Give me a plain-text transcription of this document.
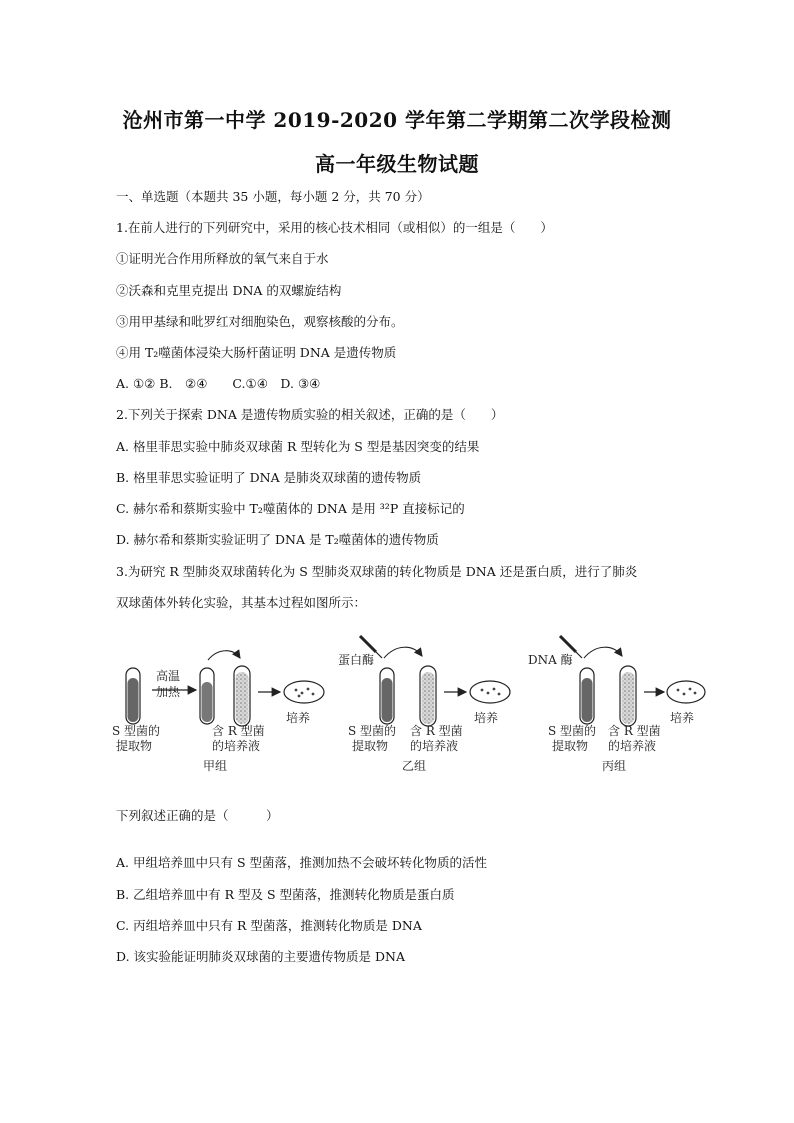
沧州市第一中学 2019-2020 学年第二学期第二次学段检测
高一年级生物试题
一、单选题（本题共 35 小题，每小题 2 分，共 70 分）
1.在前人进行的下列研究中，采用的核心技术相同（或相似）的一组是（　　）
①证明光合作用所释放的氧气来自于水
②沃森和克里克提出 DNA 的双螺旋结构
③用甲基绿和吡罗红对细胞染色，观察核酸的分布。
④用 T₂噬菌体浸染大肠杆菌证明 DNA 是遗传物质
A. ①② B.　②④　　C.①④　D. ③④
2.下列关于探索 DNA 是遗传物质实验的相关叙述，正确的是（　　）
A. 格里菲思实验中肺炎双球菌 R 型转化为 S 型是基因突变的结果
B. 格里菲思实验证明了 DNA 是肺炎双球菌的遗传物质
C. 赫尔希和蔡斯实验中 T₂噬菌体的 DNA 是用 ³²P 直接标记的
D. 赫尔希和蔡斯实验证明了 DNA 是 T₂噬菌体的遗传物质
3.为研究 R 型肺炎双球菌转化为 S 型肺炎双球菌的转化物质是 DNA 还是蛋白质，进行了肺炎
双球菌体外转化实验，其基本过程如图所示：
高温
加热
培养
S 型菌的
提取物
含 R 型菌
的培养液
甲组
蛋白酶
培养
S 型菌的
提取物
含 R 型菌
的培养液
乙组
DNA 酶
培养
S 型菌的
提取物
含 R 型菌
的培养液
丙组
下列叙述正确的是（　　　）
A. 甲组培养皿中只有 S 型菌落，推测加热不会破坏转化物质的活性
B. 乙组培养皿中有 R 型及 S 型菌落，推测转化物质是蛋白质
C. 丙组培养皿中只有 R 型菌落，推测转化物质是 DNA
D. 该实验能证明肺炎双球菌的主要遗传物质是 DNA
